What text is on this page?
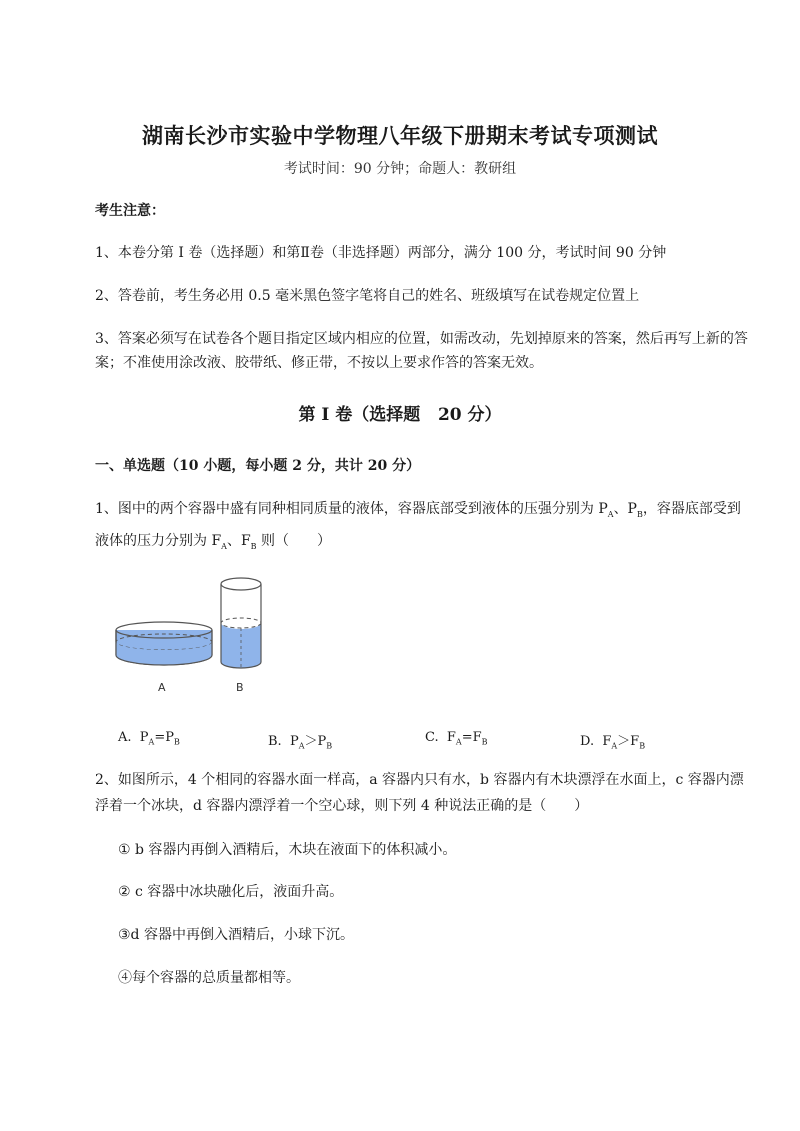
湖南长沙市实验中学物理八年级下册期末考试专项测试
考试时间：90 分钟；命题人：教研组
考生注意：
1、本卷分第 I 卷（选择题）和第Ⅱ卷（非选择题）两部分，满分 100 分，考试时间 90 分钟
2、答卷前，考生务必用 0.5 毫米黑色签字笔将自己的姓名、班级填写在试卷规定位置上
3、答案必须写在试卷各个题目指定区域内相应的位置，如需改动，先划掉原来的答案，然后再写上新的答案；不准使用涂改液、胶带纸、修正带，不按以上要求作答的答案无效。
第 I 卷（选择题   20 分）
一、单选题（10 小题，每小题 2 分，共计 20 分）
1、图中的两个容器中盛有同种相同质量的液体，容器底部受到液体的压强分别为 $P_A$、$P_B$，容器底部受到液体的压力分别为 $F_A$、$F_B$ 则（　　）
A	B
A. $P_A=P_B$	B. $P_A>P_B$
C. $F_A=F_B$	D. $F_A>F_B$
2、如图所示，4 个相同的容器水面一样高，a 容器内只有水，b 容器内有木块漂浮在水面上，c 容器内漂浮着一个冰块，d 容器内漂浮着一个空心球，则下列 4 种说法正确的是（　　）
① b 容器内再倒入酒精后，木块在液面下的体积减小。
② c 容器中冰块融化后，液面升高。
③d 容器中再倒入酒精后，小球下沉。
④每个容器的总质量都相等。
